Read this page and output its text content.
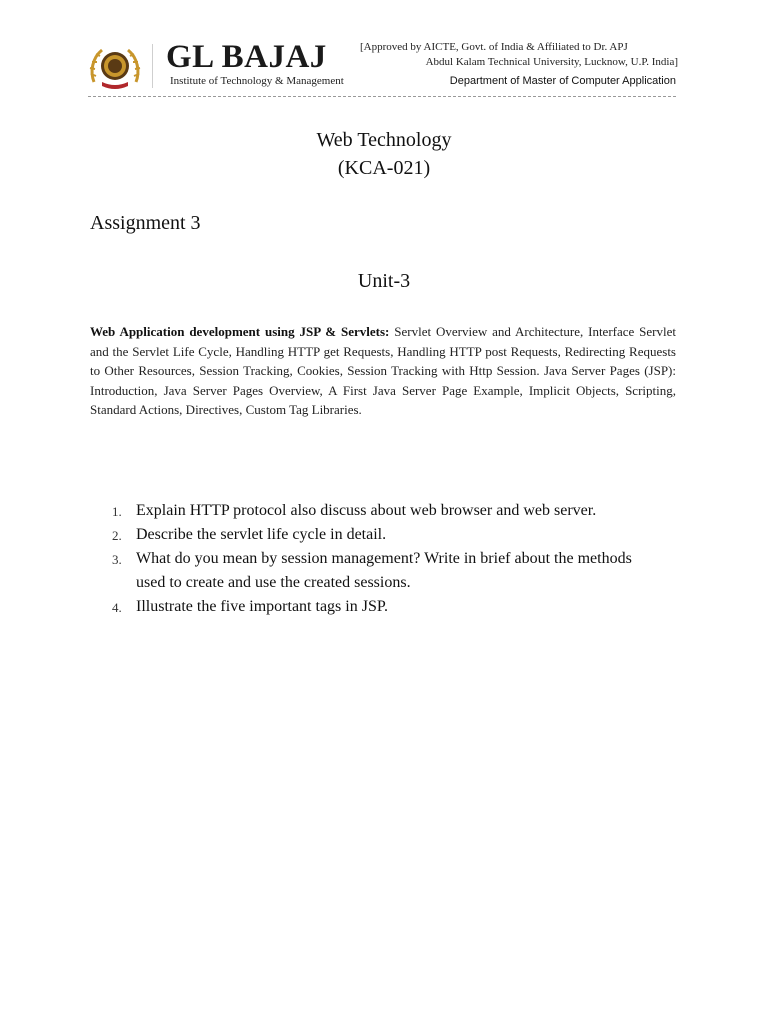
GL BAJAJ
Institute of Technology & Management
[Approved by AICTE, Govt. of India & Affiliated to Dr. APJ
Abdul Kalam Technical University, Lucknow, U.P. India]
Department of Master of Computer Application
Web Technology
(KCA-021)
Assignment 3
Unit-3
Web Application development using JSP & Servlets: Servlet Overview and Architecture, Interface Servlet and the Servlet Life Cycle, Handling HTTP get Requests, Handling HTTP post Requests, Redirecting Requests to Other Resources, Session Tracking, Cookies, Session Tracking with Http Session. Java Server Pages (JSP): Introduction, Java Server Pages Overview, A First Java Server Page Example, Implicit Objects, Scripting, Standard Actions, Directives, Custom Tag Libraries.
1. Explain HTTP protocol also discuss about web browser and web server.
2. Describe the servlet life cycle in detail.
3. What do you mean by session management? Write in brief about the methods used to create and use the created sessions.
4. Illustrate the five important tags in JSP.
